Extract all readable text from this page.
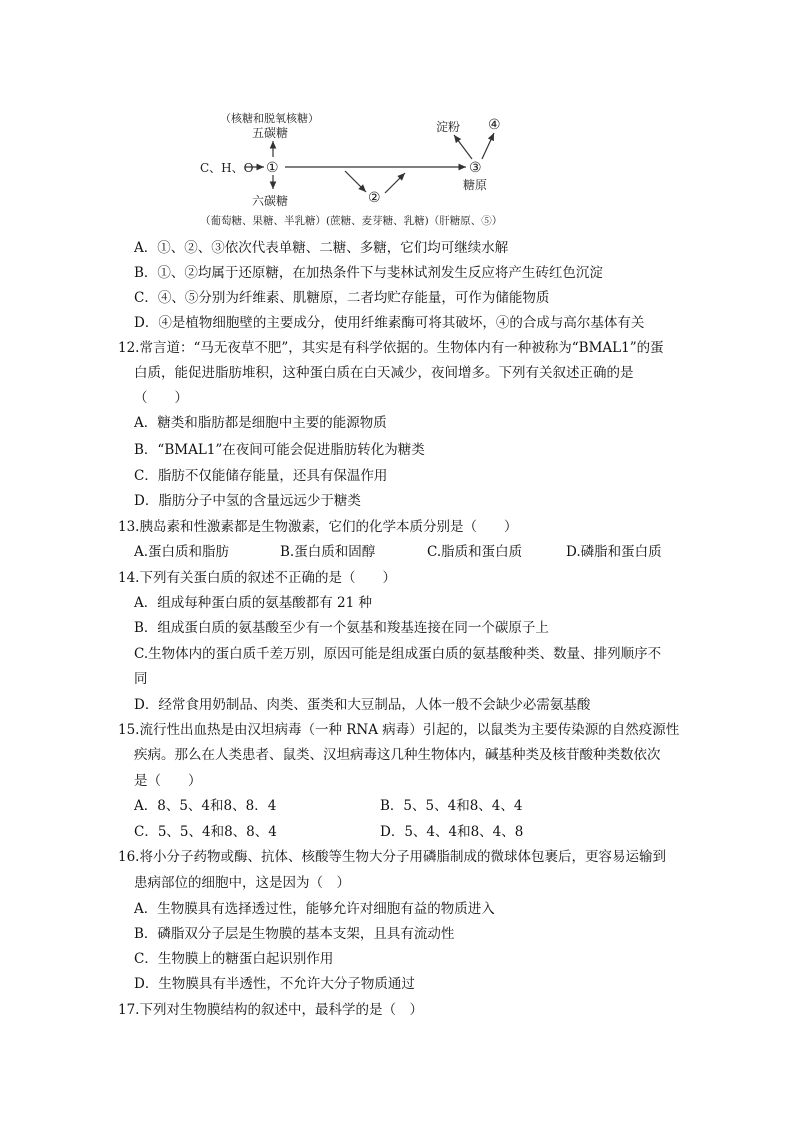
（核糖和脱氧核糖）
五碳糖
C、H、O ①
②
③
糖原
淀粉 ④
六碳糖
（葡萄糖、果糖、半乳糖）(蔗糖、麦芽糖、乳糖)（肝糖原、⑤）
A．①、②、③依次代表单糖、二糖、多糖，它们均可继续水解
B．①、②均属于还原糖，在加热条件下与斐林试剂发生反应将产生砖红色沉淀
C．④、⑤分别为纤维素、肌糖原，二者均贮存能量，可作为储能物质
D．④是植物细胞壁的主要成分，使用纤维素酶可将其破坏，④的合成与高尔基体有关
12.常言道：“马无夜草不肥”，其实是有科学依据的。生物体内有一种被称为“BMAL1”的蛋
白质，能促进脂肪堆积，这种蛋白质在白天减少，夜间增多。下列有关叙述正确的是
（　　）
A．糖类和脂肪都是细胞中主要的能源物质
B．“BMAL1”在夜间可能会促进脂肪转化为糖类
C．脂肪不仅能储存能量，还具有保温作用
D．脂肪分子中氢的含量远远少于糖类
13.胰岛素和性激素都是生物激素，它们的化学本质分别是（　　）
A.蛋白质和脂肪	B.蛋白质和固醇	C.脂质和蛋白质	D.磷脂和蛋白质
14.下列有关蛋白质的叙述不正确的是（　　）
A．组成每种蛋白质的氨基酸都有 21 种
B．组成蛋白质的氨基酸至少有一个氨基和羧基连接在同一个碳原子上
C.生物体内的蛋白质千差万别，原因可能是组成蛋白质的氨基酸种类、数量、排列顺序不
同
D．经常食用奶制品、肉类、蛋类和大豆制品，人体一般不会缺少必需氨基酸
15.流行性出血热是由汉坦病毒（一种 RNA 病毒）引起的，以鼠类为主要传染源的自然疫源性
疾病。那么在人类患者、鼠类、汉坦病毒这几种生物体内，碱基种类及核苷酸种类数依次
是（　　）
A．8、5、4和8、8．4	B．5、5、4和8、4、4
C．5、5、4和8、8、4	D．5、4、4和8、4、8
16.将小分子药物或酶、抗体、核酸等生物大分子用磷脂制成的微球体包裹后，更容易运输到
患病部位的细胞中，这是因为（　）
A．生物膜具有选择透过性，能够允许对细胞有益的物质进入
B．磷脂双分子层是生物膜的基本支架，且具有流动性
C．生物膜上的糖蛋白起识别作用
D．生物膜具有半透性，不允许大分子物质通过
17.下列对生物膜结构的叙述中，最科学的是（　）
